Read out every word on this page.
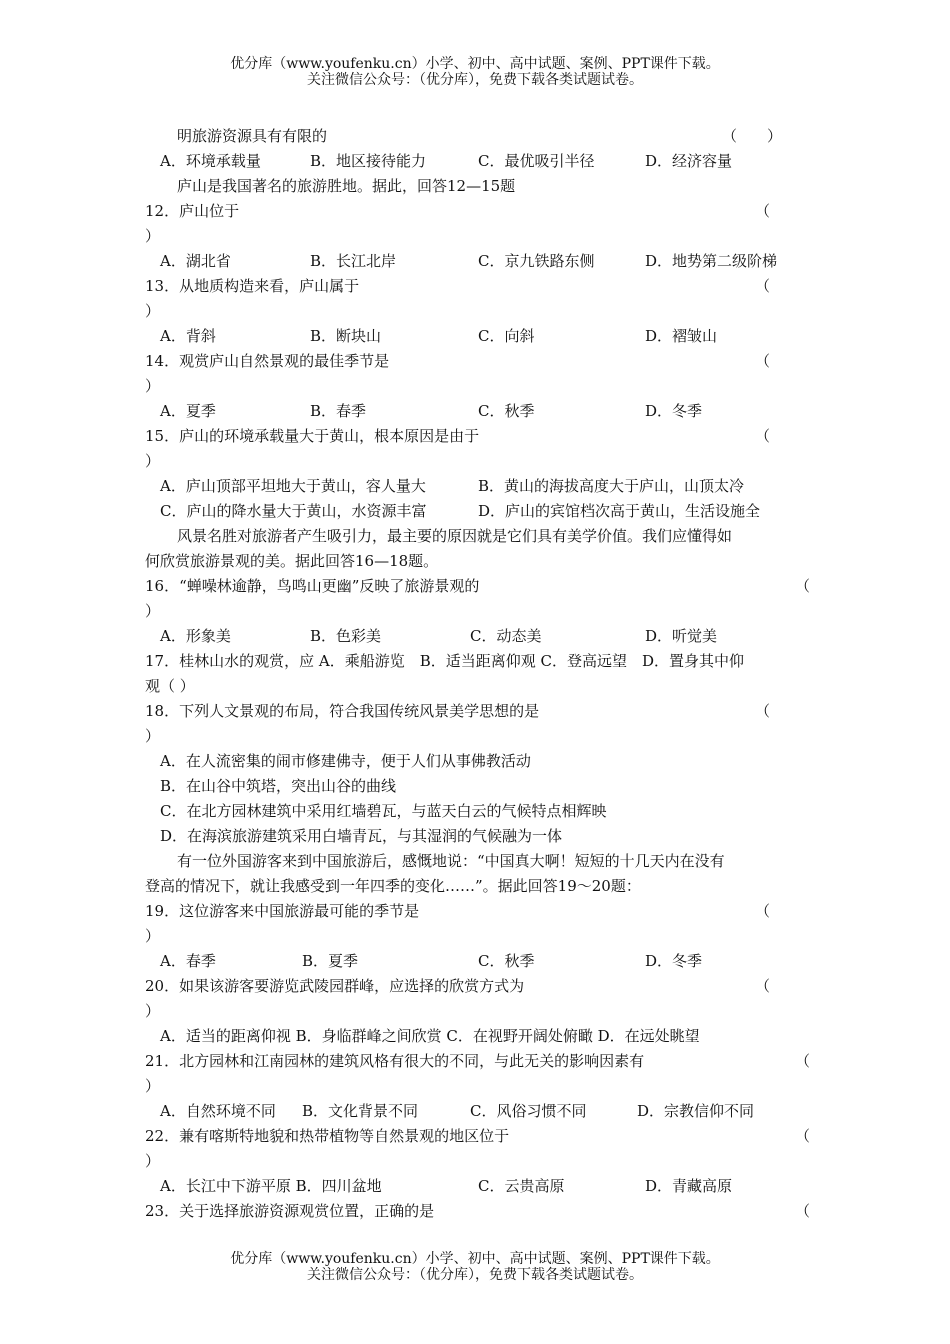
优分库（www.youfenku.cn）小学、初中、高中试题、案例、PPT课件下载。
关注微信公众号：（优分库），免费下载各类试题试卷。
明旅游资源具有有限的	（　　）
A．环境承载量	B．地区接待能力	C．最优吸引半径	D．经济容量
庐山是我国著名的旅游胜地。据此，回答12—15题
12．庐山位于	（
）
A．湖北省	B．长江北岸	C．京九铁路东侧	D．地势第二级阶梯
13．从地质构造来看，庐山属于	（
）
A．背斜	B．断块山	C．向斜	D．褶皱山
14．观赏庐山自然景观的最佳季节是	（
）
A．夏季	B．春季	C．秋季	D．冬季
15．庐山的环境承载量大于黄山，根本原因是由于	（
）
A．庐山顶部平坦地大于黄山，容人量大	B．黄山的海拔高度大于庐山，山顶太冷
C．庐山的降水量大于黄山，水资源丰富	D．庐山的宾馆档次高于黄山，生活设施全
风景名胜对旅游者产生吸引力，最主要的原因就是它们具有美学价值。我们应懂得如
何欣赏旅游景观的美。据此回答16—18题。
16．“蝉噪林逾静，鸟鸣山更幽”反映了旅游景观的	（
）
A．形象美	B．色彩美	C．动态美	D．听觉美
17．桂林山水的观赏，应 A．乘船游览　B．适当距离仰观 C．登高远望　D．置身其中仰
观（ ）
18．下列人文景观的布局，符合我国传统风景美学思想的是	（
）
A．在人流密集的闹市修建佛寺，便于人们从事佛教活动
B．在山谷中筑塔，突出山谷的曲线
C．在北方园林建筑中采用红墙碧瓦，与蓝天白云的气候特点相辉映
D．在海滨旅游建筑采用白墙青瓦，与其湿润的气候融为一体
有一位外国游客来到中国旅游后，感慨地说：“中国真大啊！短短的十几天内在没有
登高的情况下，就让我感受到一年四季的变化……”。据此回答19～20题：
19．这位游客来中国旅游最可能的季节是	（
）
A．春季	B．夏季	C．秋季	D．冬季
20．如果该游客要游览武陵园群峰，应选择的欣赏方式为	（
）
A．适当的距离仰视 B．身临群峰之间欣赏 C．在视野开阔处俯瞰 D．在远处眺望
21．北方园林和江南园林的建筑风格有很大的不同，与此无关的影响因素有	（
）
A．自然环境不同 B．文化背景不同	C．风俗习惯不同	D．宗教信仰不同
22．兼有喀斯特地貌和热带植物等自然景观的地区位于	（
）
A．长江中下游平原 B．四川盆地	C．云贵高原	D．青藏高原
23．关于选择旅游资源观赏位置，正确的是	（
优分库（www.youfenku.cn）小学、初中、高中试题、案例、PPT课件下载。
关注微信公众号：（优分库），免费下载各类试题试卷。
